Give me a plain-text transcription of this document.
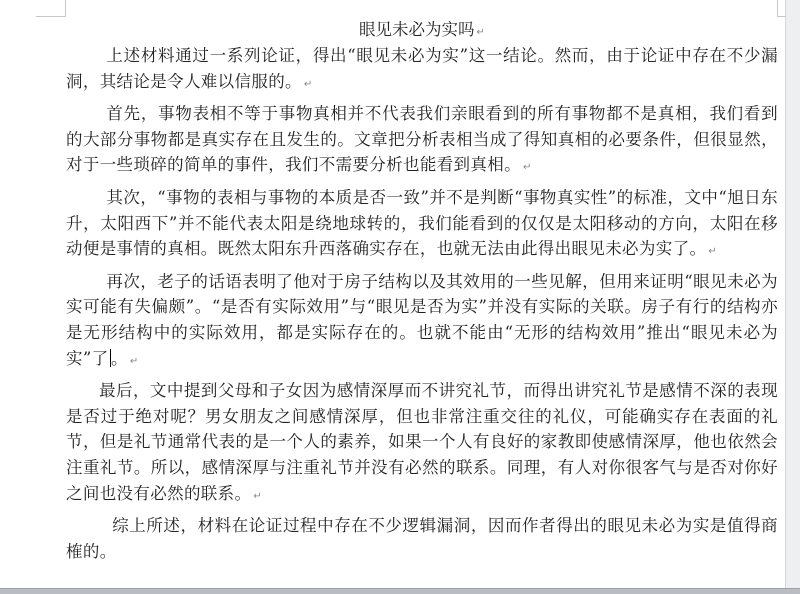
眼见未必为实吗 ↵

上述材料通过一系列论证，得出“眼见未必为实”这一结论。然而，由于论证中存在不少漏洞，其结论是令人难以信服的。 ↵

首先，事物表相不等于事物真相并不代表我们亲眼看到的所有事物都不是真相，我们看到的大部分事物都是真实存在且发生的。文章把分析表相当成了得知真相的必要条件，但很显然，对于一些琐碎的简单的事件，我们不需要分析也能看到真相。 ↵

其次，“事物的表相与事物的本质是否一致”并不是判断“事物真实性”的标准，文中“旭日东升，太阳西下”并不能代表太阳是绕地球转的，我们能看到的仅仅是太阳移动的方向，太阳在移动便是事情的真相。既然太阳东升西落确实存在，也就无法由此得出眼见未必为实了。 ↵

再次，老子的话语表明了他对于房子结构以及其效用的一些见解，但用来证明“眼见未必为实可能有失偏颇”。“是否有实际效用”与“眼见是否为实”并没有实际的关联。房子有行的结构亦是无形结构中的实际效用，都是实际存在的。也就不能由“无形的结构效用”推出“眼见未必为实”了 。 ↵

最后，文中提到父母和子女因为感情深厚而不讲究礼节，而得出讲究礼节是感情不深的表现是否过于绝对呢？男女朋友之间感情深厚，但也非常注重交往的礼仪，可能确实存在表面的礼节，但是礼节通常代表的是一个人的素养，如果一个人有良好的家教即使感情深厚，他也依然会注重礼节。所以，感情深厚与注重礼节并没有必然的联系。同理，有人对你很客气与是否对你好之间也没有必然的联系。 ↵

综上所述，材料在论证过程中存在不少逻辑漏洞，因而作者得出的眼见未必为实是值得商榷的。
